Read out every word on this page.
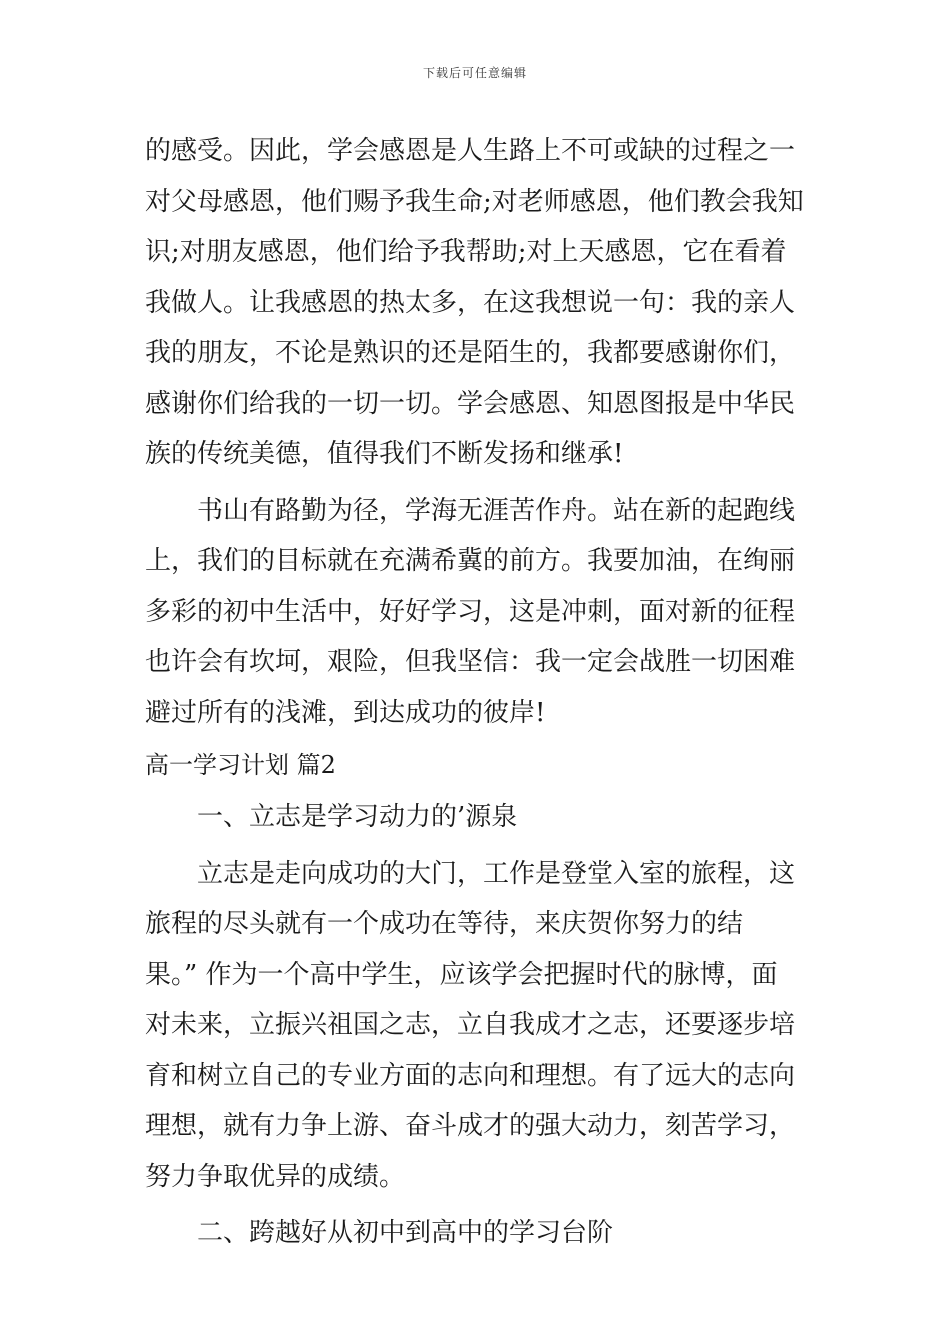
下载后可任意编辑
的感受。因此，学会感恩是人生路上不可或缺的过程之一
对父母感恩，他们赐予我生命;对老师感恩，他们教会我知
识;对朋友感恩，他们给予我帮助;对上天感恩，它在看着
我做人。让我感恩的热太多，在这我想说一句：我的亲人
我的朋友，不论是熟识的还是陌生的，我都要感谢你们，
感谢你们给我的一切一切。学会感恩、知恩图报是中华民
族的传统美德，值得我们不断发扬和继承!
书山有路勤为径，学海无涯苦作舟。站在新的起跑线
上，我们的目标就在充满希冀的前方。我要加油，在绚丽
多彩的初中生活中，好好学习，这是冲刺，面对新的征程
也许会有坎坷，艰险，但我坚信：我一定会战胜一切困难
避过所有的浅滩，到达成功的彼岸!
高一学习计划 篇2
一、立志是学习动力的’源泉
立志是走向成功的大门，工作是登堂入室的旅程，这
旅程的尽头就有一个成功在等待，来庆贺你努力的结
果。” 作为一个高中学生，应该学会把握时代的脉博，面
对未来，立振兴祖国之志，立自我成才之志，还要逐步培
育和树立自己的专业方面的志向和理想。有了远大的志向
理想，就有力争上游、奋斗成才的强大动力，刻苦学习，
努力争取优异的成绩。
二、跨越好从初中到高中的学习台阶
